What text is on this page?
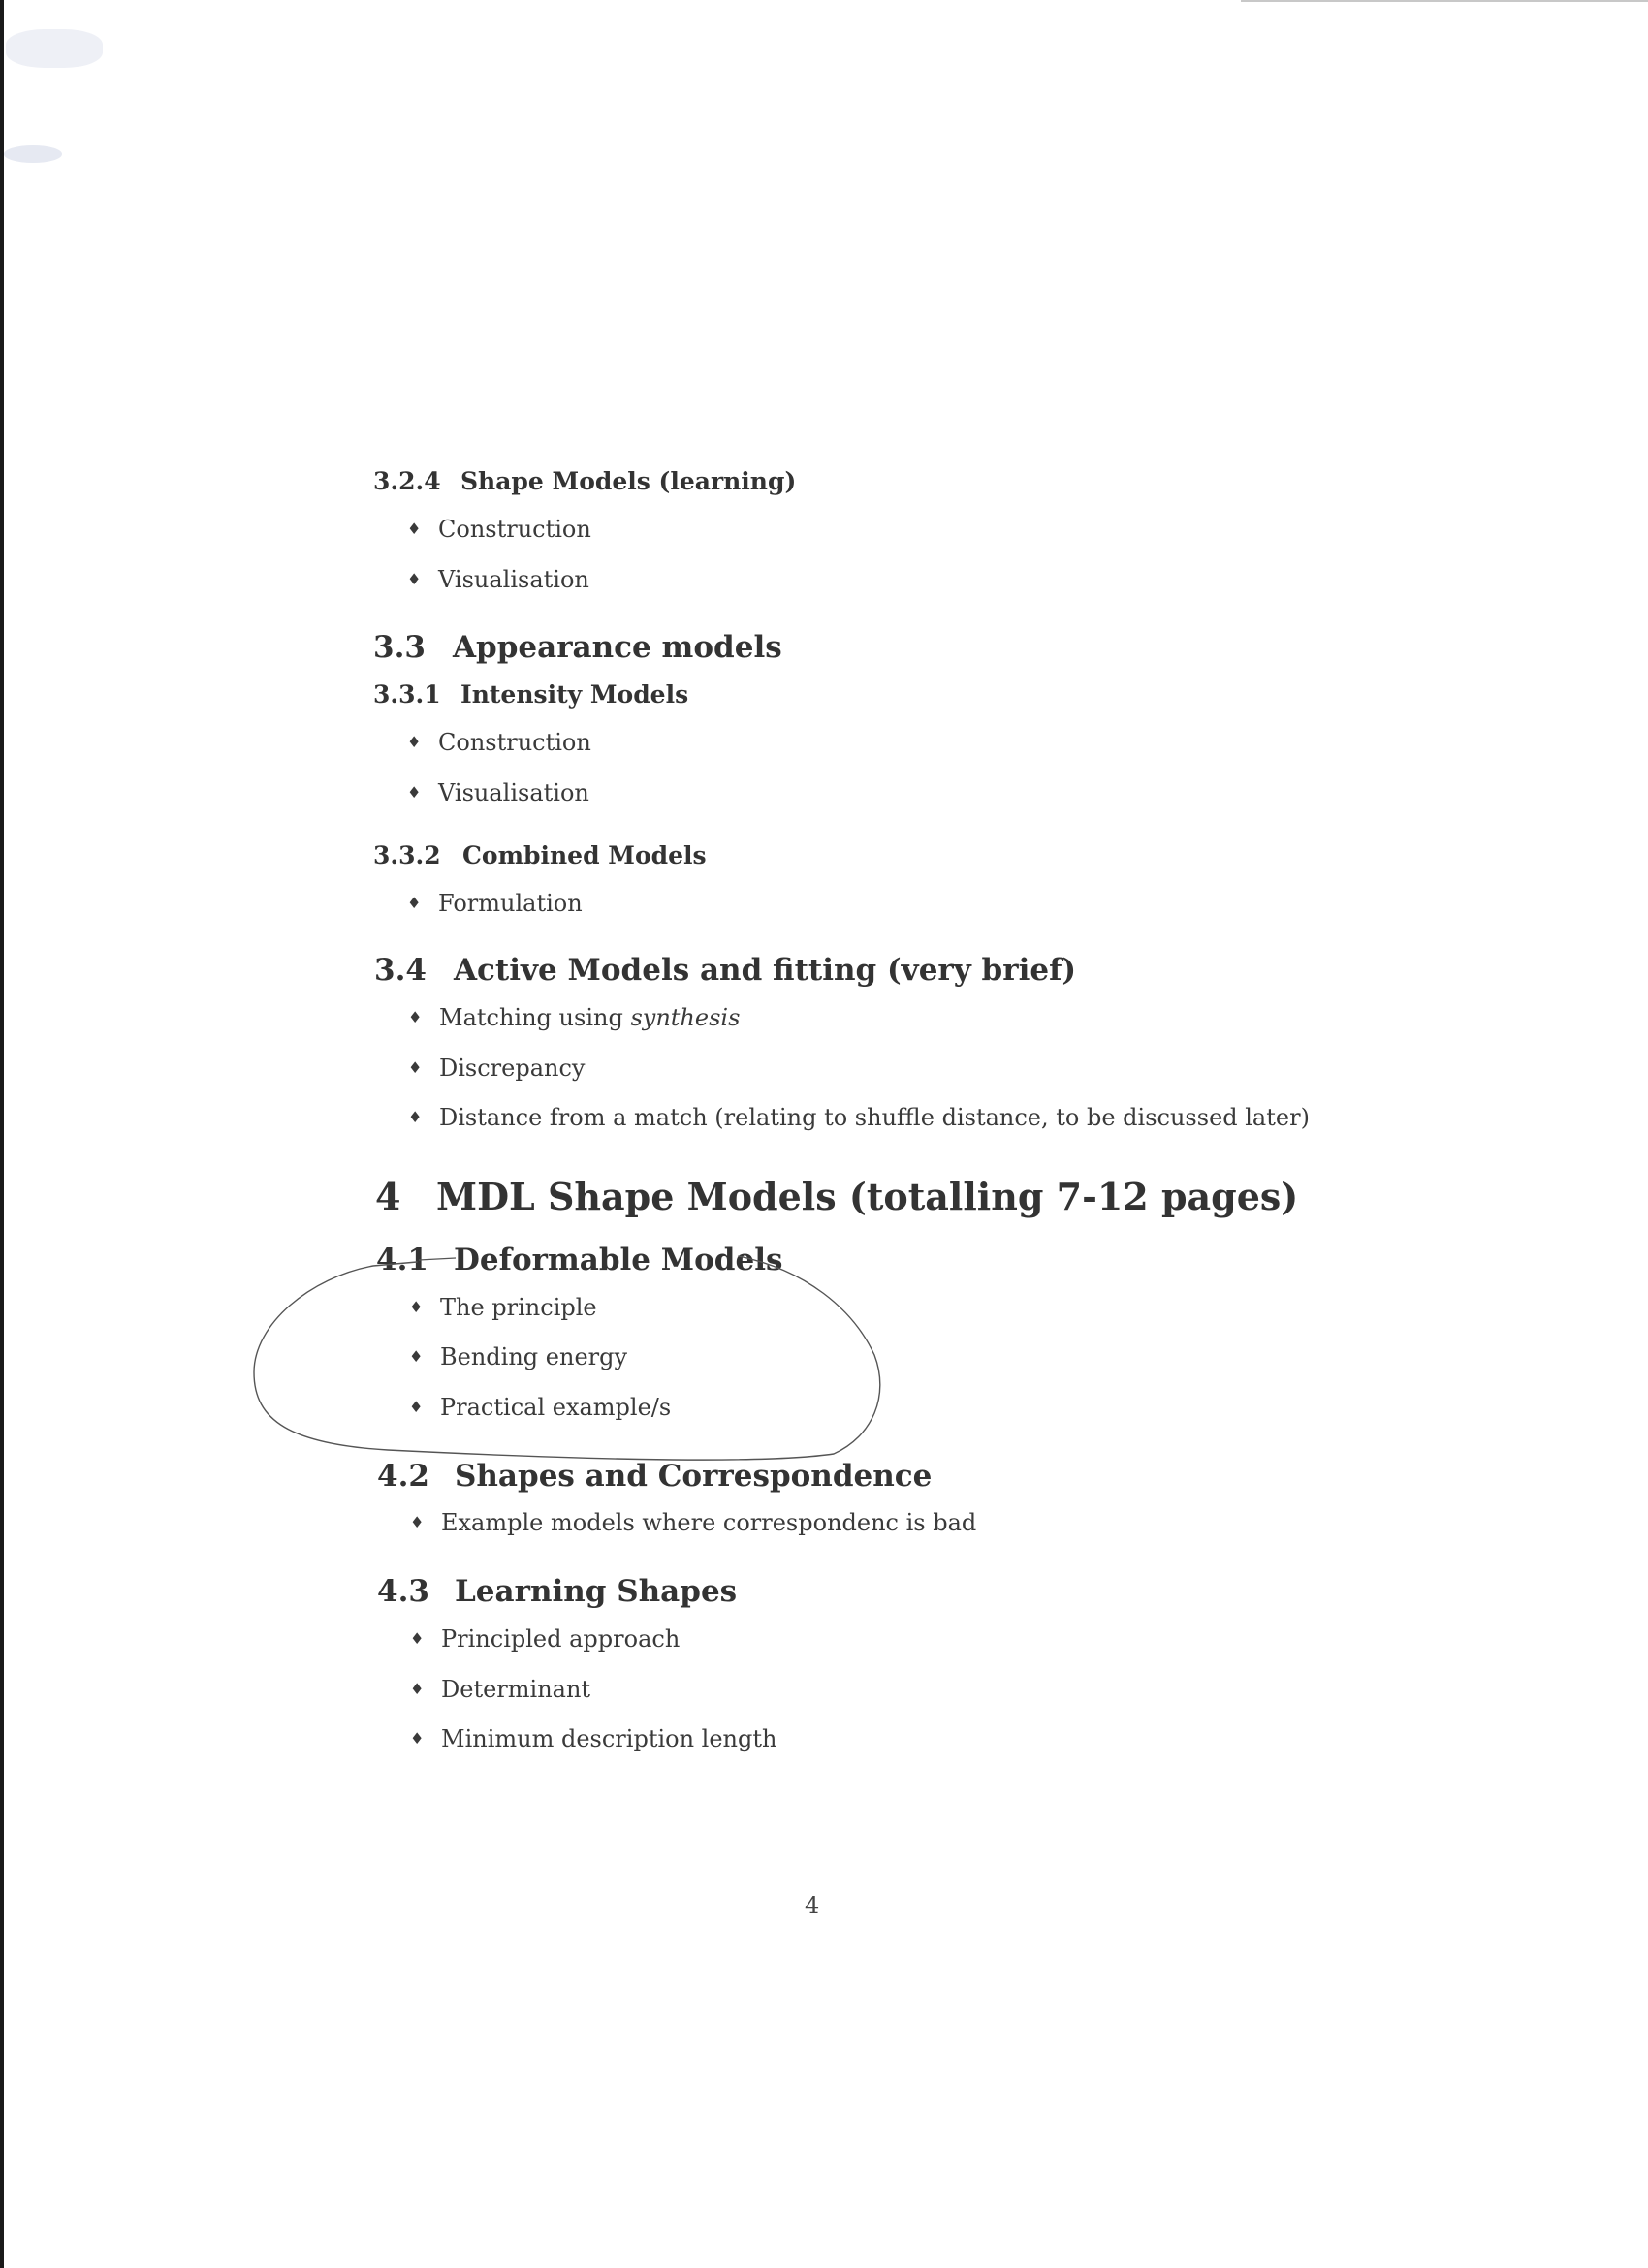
3.2.4 Shape Models (learning)
♦ Construction
♦ Visualisation
3.3 Appearance models
3.3.1 Intensity Models
♦ Construction
♦ Visualisation
3.3.2 Combined Models
♦ Formulation
3.4 Active Models and fitting (very brief)
♦ Matching using synthesis
♦ Discrepancy
♦ Distance from a match (relating to shuffle distance, to be discussed later)
4 MDL Shape Models (totalling 7-12 pages)
4.1 Deformable Models
♦ The principle
♦ Bending energy
♦ Practical example/s
4.2 Shapes and Correspondence
♦ Example models where correspondenc is bad
4.3 Learning Shapes
♦ Principled approach
♦ Determinant
♦ Minimum description length
4
